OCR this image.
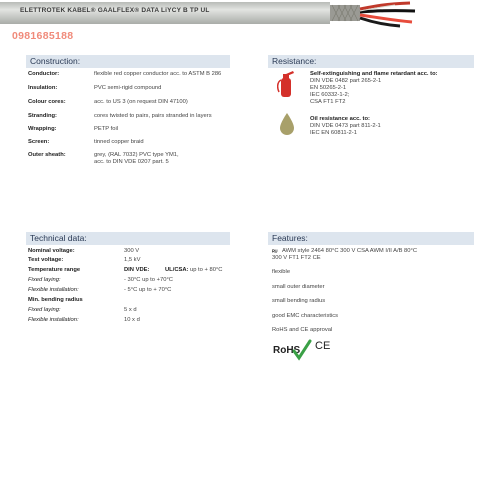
ELETTROTEK KABEL® GAALFLEX® DATA LiYCY B TP UL
0981685188
Construction:
Conductor:	flexible red copper conductor acc. to ASTM B 286
Insulation:	PVC semi-rigid compound
Colour cores:	acc. to US 3 (on request DIN 47100)
Stranding:	cores twisted to pairs, pairs stranded in layers
Wrapping:	PETP foil
Screen:	tinned copper braid
Outer sheath:	grey, (RAL 7032) PVC type YM1,
acc. to DIN VDE 0207 part. 5
Resistance:
Self-extinguishing and flame retardant acc. to:
DIN VDE 0482 part 265-2-1
EN 50265-2-1
IEC 60332-1-2;
CSA FT1 FT2
Oil resistance acc. to:
DIN VDE 0473 part 811-2-1
IEC EN 60811-2-1
Technical data:
Nominal voltage:	300 V
Test voltage:	1,5 kV
Temperature range	DIN VDE:	UL/CSA: up to + 80°C
Fixed laying:	- 30°C up to +70°C
Flexible installation:	- 5°C up to + 70°C
Min. bending radius
Fixed laying:	5 x d
Flexible installation:	10 x d
Features:
ᴿᵁ AWM style 2464 80°C 300 V CSA AWM I/II A/B 80°C
300 V FT1 FT2 CE
flexible
small outer diameter
small bending radius
good EMC characteristics
RoHS and CE approval
RoHS CE
